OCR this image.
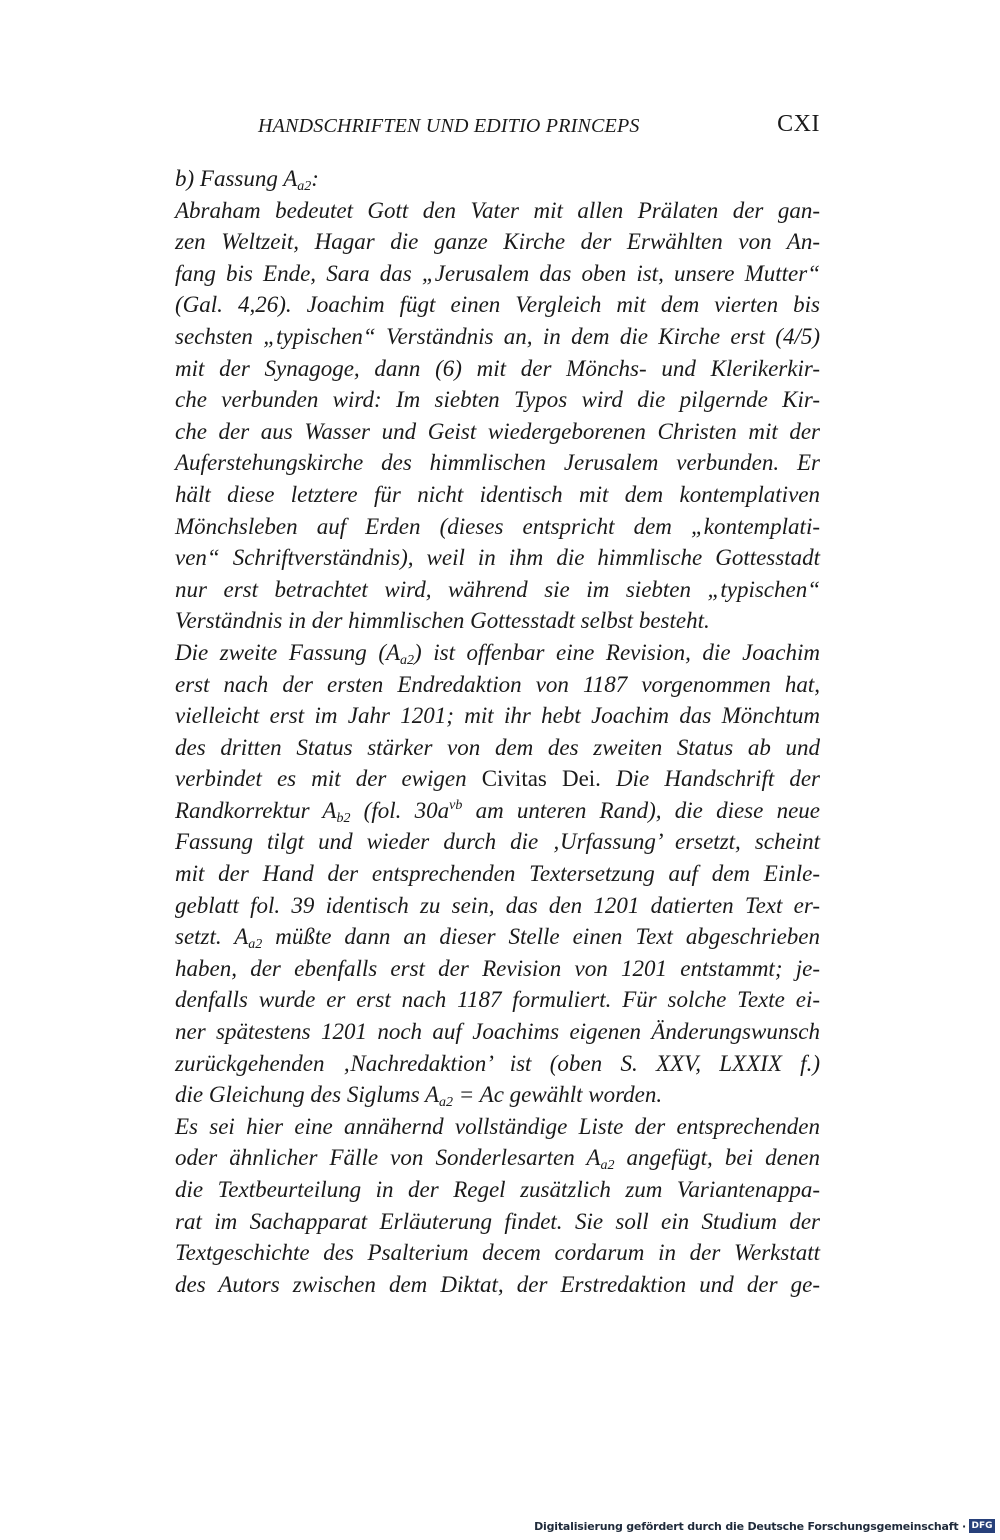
HANDSCHRIFTEN UND EDITIO PRINCEPS	CXI
b) Fassung $A_{a2}$:
Abraham bedeutet Gott den Vater mit allen Prälaten der gan-
zen Weltzeit, Hagar die ganze Kirche der Erwählten von An-
fang bis Ende, Sara das „Jerusalem das oben ist, unsere Mutter“
(Gal. 4,26). Joachim fügt einen Vergleich mit dem vierten bis
sechsten „typischen“ Verständnis an, in dem die Kirche erst (4/5)
mit der Synagoge, dann (6) mit der Mönchs- und Klerikerkir-
che verbunden wird: Im siebten Typos wird die pilgernde Kir-
che der aus Wasser und Geist wiedergeborenen Christen mit der
Auferstehungskirche des himmlischen Jerusalem verbunden. Er
hält diese letztere für nicht identisch mit dem kontemplativen
Mönchsleben auf Erden (dieses entspricht dem „kontemplati-
ven“ Schriftverständnis), weil in ihm die himmlische Gottesstadt
nur erst betrachtet wird, während sie im siebten „typischen“
Verständnis in der himmlischen Gottesstadt selbst besteht.
Die zweite Fassung $(A_{a2})$ ist offenbar eine Revision, die Joachim
erst nach der ersten Endredaktion von 1187 vorgenommen hat,
vielleicht erst im Jahr 1201; mit ihr hebt Joachim das Mönchtum
des dritten Status stärker von dem des zweiten Status ab und
verbindet es mit der ewigen Civitas Dei. Die Handschrift der
Randkorrektur $A_{b2}$ (fol. $30a^{vb}$ am unteren Rand), die diese neue
Fassung tilgt und wieder durch die ‚Urfassung’ ersetzt, scheint
mit der Hand der entsprechenden Textersetzung auf dem Einle-
geblatt fol. 39 identisch zu sein, das den 1201 datierten Text er-
setzt. $A_{a2}$ müßte dann an dieser Stelle einen Text abgeschrieben
haben, der ebenfalls erst der Revision von 1201 entstammt; je-
denfalls wurde er erst nach 1187 formuliert. Für solche Texte ei-
ner spätestens 1201 noch auf Joachims eigenen Änderungswunsch
zurückgehenden ‚Nachredaktion’ ist (oben S. XXV, LXXIX f.)
die Gleichung des Siglums $A_{a2} = Ac$ gewählt worden.
Es sei hier eine annähernd vollständige Liste der entsprechenden
oder ähnlicher Fälle von Sonderlesarten $A_{a2}$ angefügt, bei denen
die Textbeurteilung in der Regel zusätzlich zum Variantenappa-
rat im Sachapparat Erläuterung findet. Sie soll ein Studium der
Textgeschichte des Psalterium decem cordarum in der Werkstatt
des Autors zwischen dem Diktat, der Erstredaktion und der ge-
Digitalisierung gefördert durch die Deutsche Forschungsgemeinschaft · DFG
